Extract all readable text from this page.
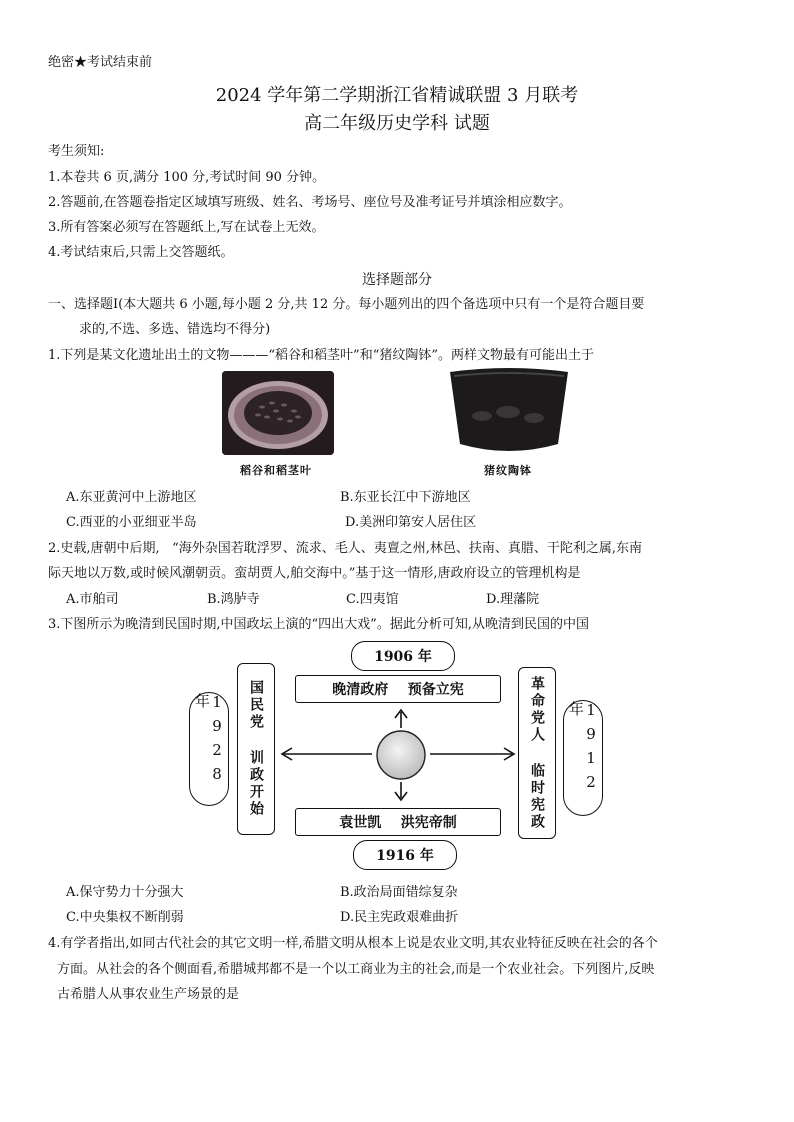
绝密★考试结束前
2024 学年第二学期浙江省精诚联盟 3 月联考
高二年级历史学科 试题
考生须知:
1.本卷共 6 页,满分 100 分,考试时间 90 分钟。
2.答题前,在答题卷指定区域填写班级、姓名、考场号、座位号及准考证号并填涂相应数字。
3.所有答案必须写在答题纸上,写在试卷上无效。
4.考试结束后,只需上交答题纸。
选择题部分
一、选择题Ⅰ(本大题共 6 小题,每小题 2 分,共 12 分。每小题列出的四个备选项中只有一个是符合题目要
求的,不选、多选、错选均不得分)
1.下列是某文化遗址出土的文物———“稻谷和稻茎叶”和“猪纹陶钵”。两样文物最有可能出土于
稻谷和稻茎叶	猪纹陶钵
A.东亚黄河中上游地区	B.东亚长江中下游地区
C.西亚的小亚细亚半岛	D.美洲印第安人居住区
2.史载,唐朝中后期,   “海外杂国若耽浮罗、流求、毛人、夷亶之州,林邑、扶南、真腊、干陀利之属,东南
际天地以万数,或时候风潮朝贡。蛮胡贾人,舶交海中。”基于这一情形,唐政府设立的管理机构是
A.市舶司	B.鸿胪寺	C.四夷馆	D.理藩院
3.下图所示为晚清到民国时期,中国政坛上演的“四出大戏”。据此分析可知,从晚清到民国的中国
1906 年
晚清政府    预备立宪
袁世凯    洪宪帝制
1916 年
国民党 训政开始
1928年	革命党人 临时宪政	1912年
A.保守势力十分强大	B.政治局面错综复杂
C.中央集权不断削弱	D.民主宪政艰难曲折
4.有学者指出,如同古代社会的其它文明一样,希腊文明从根本上说是农业文明,其农业特征反映在社会的各个
方面。从社会的各个侧面看,希腊城邦都不是一个以工商业为主的社会,而是一个农业社会。下列图片,反映
古希腊人从事农业生产场景的是
